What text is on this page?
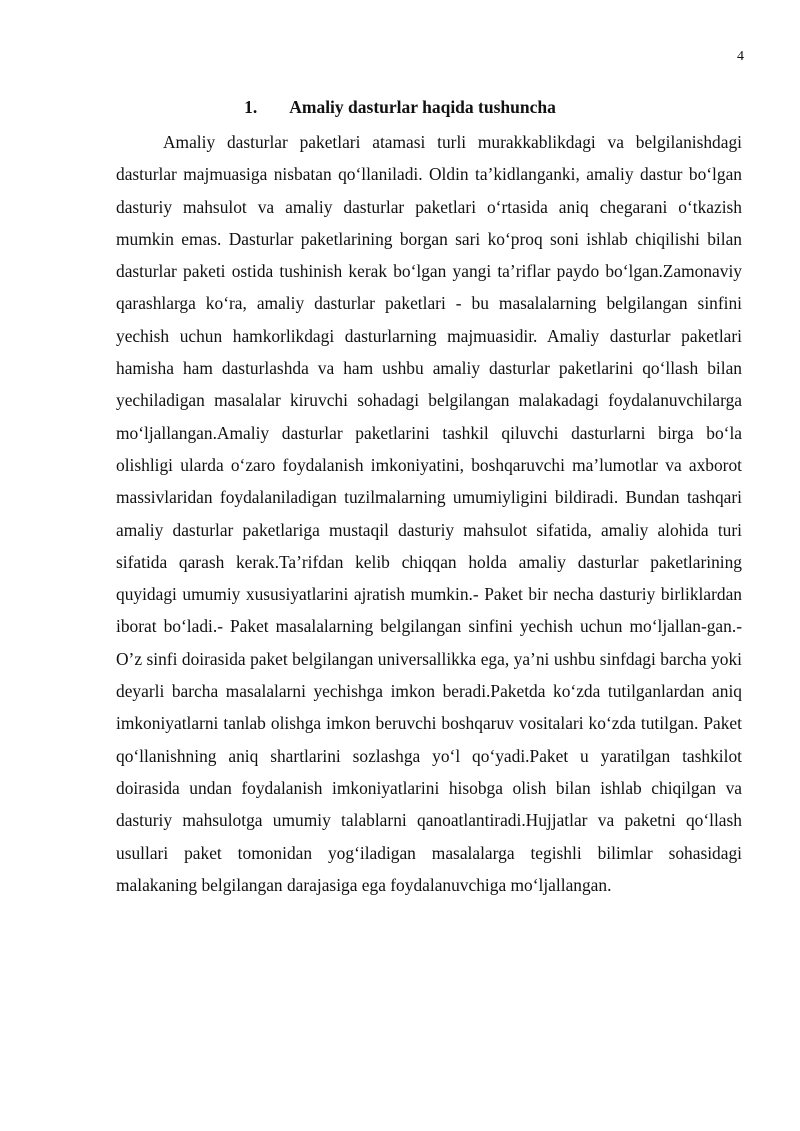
4
1. Amaliy dasturlar haqida tushuncha

Amaliy dasturlar paketlari atamasi turli murakkablikdagi va belgilanishdagi dasturlar majmuasiga nisbatan qo‘llaniladi. Oldin ta’kidlanganki, amaliy dastur bo‘lgan dasturiy mahsulot va amaliy dasturlar paketlari o‘rtasida aniq chegarani o‘tkazish mumkin emas. Dasturlar paketlarining borgan sari ko‘proq soni ishlab chiqilishi bilan dasturlar paketi ostida tushinish kerak bo‘lgan yangi ta’riflar paydo bo‘lgan.Zamonaviy qarashlarga ko‘ra, amaliy dasturlar paketlari - bu masalalarning belgilangan sinfini yechish uchun hamkorlikdagi dasturlarning majmuasidir. Amaliy dasturlar paketlari hamisha ham dasturlashda va ham ushbu amaliy dasturlar paketlarini qo‘llash bilan yechiladigan masalalar kiruvchi sohadagi belgilangan malakadagi foydalanuvchilarga mo‘ljallangan.Amaliy dasturlar paketlarini tashkil qiluvchi dasturlarni birga bo‘la olishligi ularda o‘zaro foydalanish imkoniyatini, boshqaruvchi ma’lumotlar va axborot massivlaridan foydalaniladigan tuzilmalarning umumiyligini bildiradi. Bundan tashqari amaliy dasturlar paketlariga mustaqil dasturiy mahsulot sifatida, amaliy alohida turi sifatida qarash kerak.Ta’rifdan kelib chiqqan holda amaliy dasturlar paketlarining quyidagi umumiy xususiyatlarini ajratish mumkin.- Paket bir necha dasturiy birliklardan iborat bo‘ladi.- Paket masalalarning belgilangan sinfini yechish uchun mo‘ljallan-gan.- O’z sinfi doirasida paket belgilangan universallikka ega, ya’ni ushbu sinfdagi barcha yoki deyarli barcha masalalarni yechishga imkon beradi.Paketda ko‘zda tutilganlardan aniq imkoniyatlarni tanlab olishga imkon beruvchi boshqaruv vositalari ko‘zda tutilgan. Paket qo‘llanishning aniq shartlarini sozlashga yo‘l qo‘yadi.Paket u yaratilgan tashkilot doirasida undan foydalanish imkoniyatlarini hisobga olish bilan ishlab chiqilgan va dasturiy mahsulotga umumiy talablarni qanoatlantiradi.Hujjatlar va paketni qo‘llash usullari paket tomonidan yog‘iladigan masalalarga tegishli bilimlar sohasidagi malakaning belgilangan darajasiga ega foydalanuvchiga mo‘ljallangan.
